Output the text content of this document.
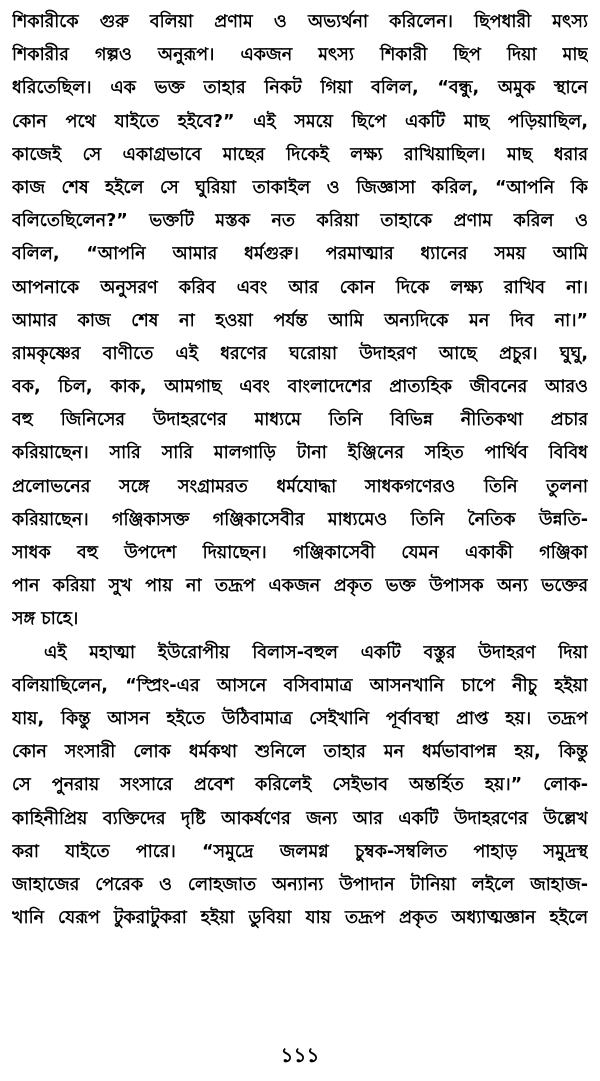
শিকারীকে গুরু বলিয়া প্রণাম ও অভ্যর্থনা করিলেন। ছিপধারী মৎস্য
শিকারীর গল্পও অনুরূপ। একজন মৎস্য শিকারী ছিপ দিয়া মাছ
ধরিতেছিল। এক ভক্ত তাহার নিকট গিয়া বলিল, “বন্ধু, অমুক স্থানে
কোন পথে যাইতে হইবে?” এই সময়ে ছিপে একটি মাছ পড়িয়াছিল,
কাজেই সে একাগ্রভাবে মাছের দিকেই লক্ষ্য রাখিয়াছিল। মাছ ধরার
কাজ শেষ হইলে সে ঘুরিয়া তাকাইল ও জিজ্ঞাসা করিল, “আপনি কি
বলিতেছিলেন?” ভক্তটি মস্তক নত করিয়া তাহাকে প্রণাম করিল ও
বলিল, “আপনি আমার ধর্মগুরু। পরমাত্মার ধ্যানের সময় আমি
আপনাকে অনুসরণ করিব এবং আর কোন দিকে লক্ষ্য রাখিব না।
আমার কাজ শেষ না হওয়া পর্যন্ত আমি অন্যদিকে মন দিব না।”
রামকৃষ্ণের বাণীতে এই ধরণের ঘরোয়া উদাহরণ আছে প্রচুর। ঘুঘু,
বক, চিল, কাক, আমগাছ এবং বাংলাদেশের প্রাত্যহিক জীবনের আরও
বহু জিনিসের উদাহরণের মাধ্যমে তিনি বিভিন্ন নীতিকথা প্রচার
করিয়াছেন। সারি সারি মালগাড়ি টানা ইঞ্জিনের সহিত পার্থিব বিবিধ
প্রলোভনের সঙ্গে সংগ্রামরত ধর্মযোদ্ধা সাধকগণেরও তিনি তুলনা
করিয়াছেন। গঞ্জিকাসক্ত গঞ্জিকাসেবীর মাধ্যমেও তিনি নৈতিক উন্নতি-
সাধক বহু উপদেশ দিয়াছেন। গঞ্জিকাসেবী যেমন একাকী গঞ্জিকা
পান করিয়া সুখ পায় না তদ্রূপ একজন প্রকৃত ভক্ত উপাসক অন্য ভক্তের
সঙ্গ চাহে।
এই মহাত্মা ইউরোপীয় বিলাস-বহুল একটি বস্তুর উদাহরণ দিয়া
বলিয়াছিলেন, “স্প্রিং-এর আসনে বসিবামাত্র আসনখানি চাপে নীচু হইয়া
যায়, কিন্তু আসন হইতে উঠিবামাত্র সেইখানি পূর্বাবস্থা প্রাপ্ত হয়। তদ্রূপ
কোন সংসারী লোক ধর্মকথা শুনিলে তাহার মন ধর্মভাবাপন্ন হয়, কিন্তু
সে পুনরায় সংসারে প্রবেশ করিলেই সেইভাব অন্তর্হিত হয়।” লোক-
কাহিনীপ্রিয় ব্যক্তিদের দৃষ্টি আকর্ষণের জন্য আর একটি উদাহরণের উল্লেখ
করা যাইতে পারে। “সমুদ্রে জলমগ্ন চুম্বক-সম্বলিত পাহাড় সমুদ্রস্থ
জাহাজের পেরেক ও লোহজাত অন্যান্য উপাদান টানিয়া লইলে জাহাজ-
খানি যেরূপ টুকরাটুকরা হইয়া ডুবিয়া যায় তদ্রূপ প্রকৃত অধ্যাত্মজ্ঞান হইলে
১১১
